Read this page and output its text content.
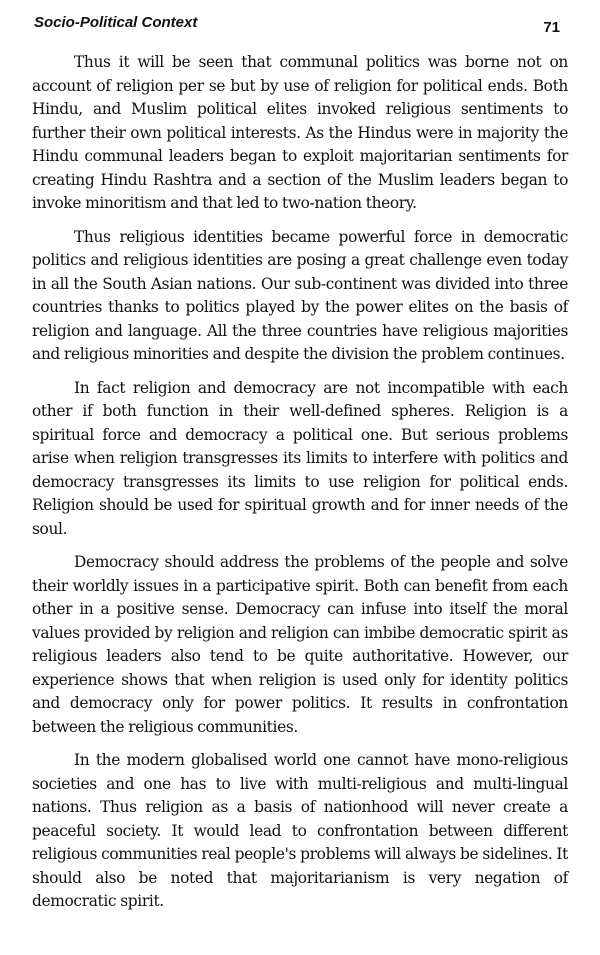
Socio-Political Context	71

Thus it will be seen that communal politics was borne not on account of religion per se but by use of religion for political ends. Both Hindu, and Muslim political elites invoked religious sentiments to further their own political interests. As the Hindus were in majority the Hindu communal leaders began to exploit majoritarian sentiments for creating Hindu Rashtra and a section of the Muslim leaders began to invoke minoritism and that led to two-nation theory.

Thus religious identities became powerful force in democratic politics and religious identities are posing a great challenge even today in all the South Asian nations. Our sub-continent was divided into three countries thanks to politics played by the power elites on the basis of religion and language. All the three countries have religious majorities and religious minorities and despite the division the problem continues.

In fact religion and democracy are not incompatible with each other if both function in their well-defined spheres. Religion is a spiritual force and democracy a political one. But serious problems arise when religion transgresses its limits to interfere with politics and democracy transgresses its limits to use religion for political ends. Religion should be used for spiritual growth and for inner needs of the soul.

Democracy should address the problems of the people and solve their worldly issues in a participative spirit. Both can benefit from each other in a positive sense. Democracy can infuse into itself the moral values provided by religion and religion can imbibe democratic spirit as religious leaders also tend to be quite authoritative. However, our experience shows that when religion is used only for identity politics and democracy only for power politics. It results in confrontation between the religious communities.

In the modern globalised world one cannot have mono-religious societies and one has to live with multi-religious and multi-lingual nations. Thus religion as a basis of nationhood will never create a peaceful society. It would lead to confrontation between different religious communities real people's problems will always be sidelines. It should also be noted that majoritarianism is very negation of democratic spirit.
